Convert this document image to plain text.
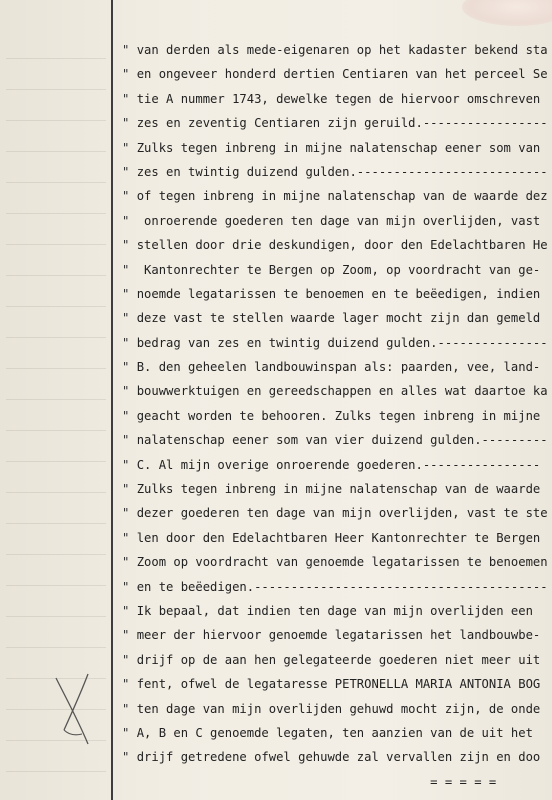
" van derden als mede-eigenaren op het kadaster bekend sta
" en ongeveer honderd dertien Centiaren van het perceel Se
" tie A nummer 1743, dewelke tegen de hiervoor omschreven
" zes en zeventig Centiaren zijn geruild.-----------------
" Zulks tegen inbreng in mijne nalatenschap eener som van
" zes en twintig duizend gulden.--------------------------
" of tegen inbreng in mijne nalatenschap van de waarde dez
"  onroerende goederen ten dage van mijn overlijden, vast
" stellen door drie deskundigen, door den Edelachtbaren He
"  Kantonrechter te Bergen op Zoom, op voordracht van ge-
" noemde legatarissen te benoemen en te beëedigen, indien
" deze vast te stellen waarde lager mocht zijn dan gemeld
" bedrag van zes en twintig duizend gulden.---------------
" B. den geheelen landbouwinspan als: paarden, vee, land-
" bouwwerktuigen en gereedschappen en alles wat daartoe ka
" geacht worden te behooren. Zulks tegen inbreng in mijne
" nalatenschap eener som van vier duizend gulden.---------
" C. Al mijn overige onroerende goederen.----------------
" Zulks tegen inbreng in mijne nalatenschap van de waarde
" dezer goederen ten dage van mijn overlijden, vast te ste
" len door den Edelachtbaren Heer Kantonrechter te Bergen
" Zoom op voordracht van genoemde legatarissen te benoemen
" en te beëedigen.----------------------------------------
" Ik bepaal, dat indien ten dage van mijn overlijden een
" meer der hiervoor genoemde legatarissen het landbouwbe-
" drijf op de aan hen gelegateerde goederen niet meer uit
" fent, ofwel de legataresse PETRONELLA MARIA ANTONIA BOG
" ten dage van mijn overlijden gehuwd mocht zijn, de onde
" A, B en C genoemde legaten, ten aanzien van de uit het
" drijf getredene ofwel gehuwde zal vervallen zijn en doo
= = = = =
